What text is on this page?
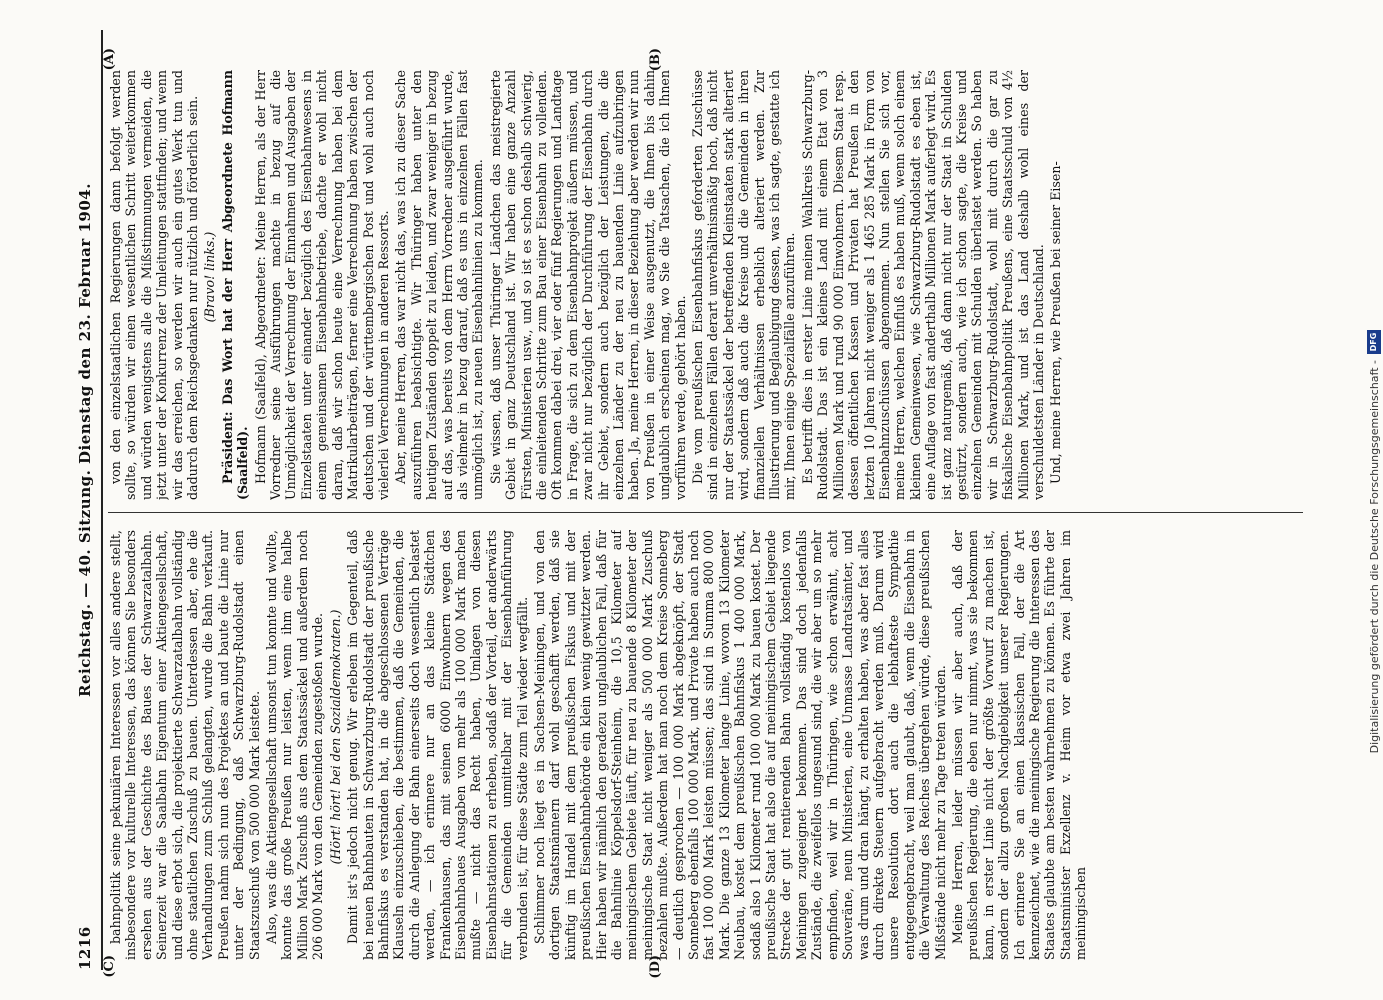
1216
Reichstag. — 40. Sitzung. Dienstag den 23. Februar 1904.
(A)	(B)
(C)	(D)

von den einzelstaatlichen Regierungen dann befolgt werden sollte, so würden wir einen wesentlichen Schritt weiterkommen und würden wenigstens alle die Mißstimmungen vermeiden, die jetzt unter der Konkurrenz der Umleitungen stattfinden; und wenn wir das erreichen, so werden wir auch ein gutes Werk tun und dadurch dem Reichsgedanken nur nützlich und förderlich sein. (Bravo! links.) Präsident: Das Wort hat der Herr Abgeordnete Hofmann (Saalfeld). Hofmann (Saalfeld), Abgeordneter: Meine Herren, als der Herr Vorredner seine Ausführungen machte in bezug auf die Unmöglichkeit der Verrechnung der Einnahmen und Ausgaben der Einzelstaaten unter einander bezüglich des Eisenbahnwesens in einem gemeinsamen Eisenbahnbetriebe, dachte er wohl nicht daran, daß wir schon heute eine Verrechnung haben bei dem Matrikularbeiträgen, ferner eine Verrechnung haben zwischen der deutschen und der württembergischen Post und wohl auch noch vielerlei Verrechnungen in anderen Ressorts. Aber, meine Herren, das war nicht das, was ich zu dieser Sache auszuführen beabsichtigte. Wir Thüringer haben unter den heutigen Zuständen doppelt zu leiden, und zwar weniger in bezug auf das, was bereits von dem Herrn Vorredner ausgeführt wurde, als vielmehr in bezug darauf, daß es uns in einzelnen Fällen fast unmöglich ist, zu neuen Eisenbahnlinien zu kommen. Sie wissen, daß unser Thüringer Ländchen das meistregierte Gebiet in ganz Deutschland ist. Wir haben eine ganze Anzahl Fürsten, Ministerien usw., und so ist es schon deshalb schwierig, die einleitenden Schritte zum Bau einer Eisenbahn zu vollenden. Oft kommen dabei drei, vier oder fünf Regierungen und Landtage in Frage, die sich zu dem Eisenbahnprojekt äußern müssen, und zwar nicht nur bezüglich der Durchführung der Eisenbahn durch ihr Gebiet, sondern auch bezüglich der Leistungen, die die einzelnen Länder zu der neu zu bauenden Linie aufzubringen haben. Ja, meine Herren, in dieser Beziehung aber werden wir nun von Preußen in einer Weise ausgenutzt, die Ihnen bis dahin unglaublich erscheinen mag, wo Sie die Tatsachen, die ich Ihnen vorführen werde, gehört haben. Die vom preußischen Eisenbahnfiskus geforderten Zuschüsse sind in einzelnen Fällen derart unverhältnismäßig hoch, daß nicht nur der Staatssäckel der betreffenden Kleinstaaten stark alteriert wird, sondern daß auch die Kreise und die Gemeinden in ihren finanziellen Verhältnissen erheblich alteriert werden. Zur Illustrierung und Beglaubigung dessen, was ich sagte, gestatte ich mir, Ihnen einige Spezialfälle anzuführen. Es betrifft dies in erster Linie meinen Wahlkreis Schwarzburg-Rudolstadt. Das ist ein kleines Land mit einem Etat von 3 Millionen Mark und rund 90 000 Einwohnern. Diesem Staat resp. dessen öffentlichen Kassen und Privaten hat Preußen in den letzten 10 Jahren nicht weniger als 1 465 285 Mark in Form von Eisenbahnzuschüssen abgenommen. Nun stellen Sie sich vor, meine Herren, welchen Einfluß es haben muß, wenn solch einem kleinen Gemeinwesen, wie Schwarzburg-Rudolstadt es eben ist, eine Auflage von fast anderthalb Millionen Mark auferlegt wird. Es ist ganz naturgemäß, daß dann nicht nur der Staat in Schulden gestürzt, sondern auch, wie ich schon sagte, die Kreise und einzelnen Gemeinden mit Schulden überlastet werden. So haben wir in Schwarzburg-Rudolstadt, wohl mit durch die gar zu fiskalische Eisenbahnpolitik Preußens, eine Staatsschuld von 4½ Millionen Mark, und ist das Land deshalb wohl eines der verschuldetsten Länder in Deutschland. Und, meine Herren, wie Preußen bei seiner Eisen-

bahnpolitik seine pekuniären Interessen vor alles andere stellt, insbesondere vor kulturelle Interessen, das können Sie besonders ersehen aus der Geschichte des Baues der Schwarzatalbahn. Seinerzeit war die Saalbahn Eigentum einer Aktiengesellschaft, und diese erbot sich, die projektierte Schwarzatalbahn vollständig ohne staatlichen Zuschuß zu bauen. Unterdessen aber, ehe die Verhandlungen zum Schluß gelangten, wurde die Bahn verkauft. Preußen nahm sich nun des Projektes an und baute die Linie nur unter der Bedingung, daß Schwarzburg-Rudolstadt einen Staatszuschuß von 500 000 Mark leistete. Also, was die Aktiengesellschaft umsonst tun konnte und wollte, konnte das große Preußen nur leisten, wenn ihm eine halbe Million Mark Zuschuß aus dem Staatssäckel und außerdem noch 206 000 Mark von den Gemeinden zugestoßen wurde. (Hört! hört! bei den Sozialdemokraten.) Damit ist's jedoch nicht genug. Wir erleben im Gegenteil, daß bei neuen Bahnbauten in Schwarzburg-Rudolstadt der preußische Bahnfiskus es verstanden hat, in die abgeschlossenen Verträge Klauseln einzuschieben, die bestimmen, daß die Gemeinden, die durch die Anlegung der Bahn einerseits doch wesentlich belastet werden, — ich erinnere nur an das kleine Städtchen Frankenhausen, das mit seinen 6000 Einwohnern wegen des Eisenbahnbaues Ausgaben von mehr als 100 000 Mark machen mußte — nicht das Recht haben, Umlagen von diesen Eisenbahnstationen zu erheben, sodaß der Vorteil, der anderwärts für die Gemeinden unmittelbar mit der Eisenbahnführung verbunden ist, für diese Städte zum Teil wieder wegfällt. Schlimmer noch liegt es in Sachsen-Meiningen, und von den dortigen Staatsmännern darf wohl geschafft werden, daß sie künftig im Handel mit dem preußischen Fiskus und mit der preußischen Eisenbahnbehörde ein klein wenig gewitzter werden. Hier haben wir nämlich den geradezu unglaublichen Fall, daß für die Bahnlinie Köppelsdorf-Steinheim, die 10,5 Kilometer auf meiningischem Gebiete läuft, für neu zu bauende 8 Kilometer der meiningische Staat nicht weniger als 500 000 Mark Zuschuß bezahlen mußte. Außerdem hat man noch dem Kreise Sonneberg — deutlich gesprochen — 100 000 Mark abgeknöpft, der Stadt Sonneberg ebenfalls 100 000 Mark, und Private haben auch noch fast 100 000 Mark leisten müssen; das sind in Summa 800 000 Mark. Die ganze 13 Kilometer lange Linie, wovon 13 Kilometer Neubau, kostet dem preußischen Bahnfiskus 1 400 000 Mark, sodaß also 1 Kilometer rund 100 000 Mark zu bauen kostet. Der preußische Staat hat also die auf meiningischem Gebiet liegende Strecke der gut rentierenden Bahn vollständig kostenlos von Meiningen zugeeignet bekommen. Das sind doch jedenfalls Zustände, die zweifellos ungesund sind, die wir aber um so mehr empfinden, weil wir in Thüringen, wie schon erwähnt, acht Souveräne, neun Ministerien, eine Unmasse Landratsämter, und was drum und dran hängt, zu erhalten haben, was aber fast alles durch direkte Steuern aufgebracht werden muß. Darum wird unsere Resolution dort auch die lebhafteste Sympathie entgegengebracht, weil man glaubt, daß, wenn die Eisenbahn in die Verwaltung des Reiches übergehen würde, diese preußischen Mißstände nicht mehr zu Tage treten würden. Meine Herren, leider müssen wir aber auch, daß der preußischen Regierung, die eben nur nimmt, was sie bekommen kann, in erster Linie nicht der größte Vorwurf zu machen ist, sondern der allzu großen Nachgiebigkeit unserer Regierungen. Ich erinnere Sie an einen klassischen Fall, der die Art kennzeichnet, wie die meiningische Regierung die Interessen des Staates glaubte am besten wahrnehmen zu können. Es führte der Staatsminister Exzellenz v. Heim vor etwa zwei Jahren im meiningischen

Digitalisierung gefördert durch die Deutsche Forschungsgemeinschaft -
DFG
